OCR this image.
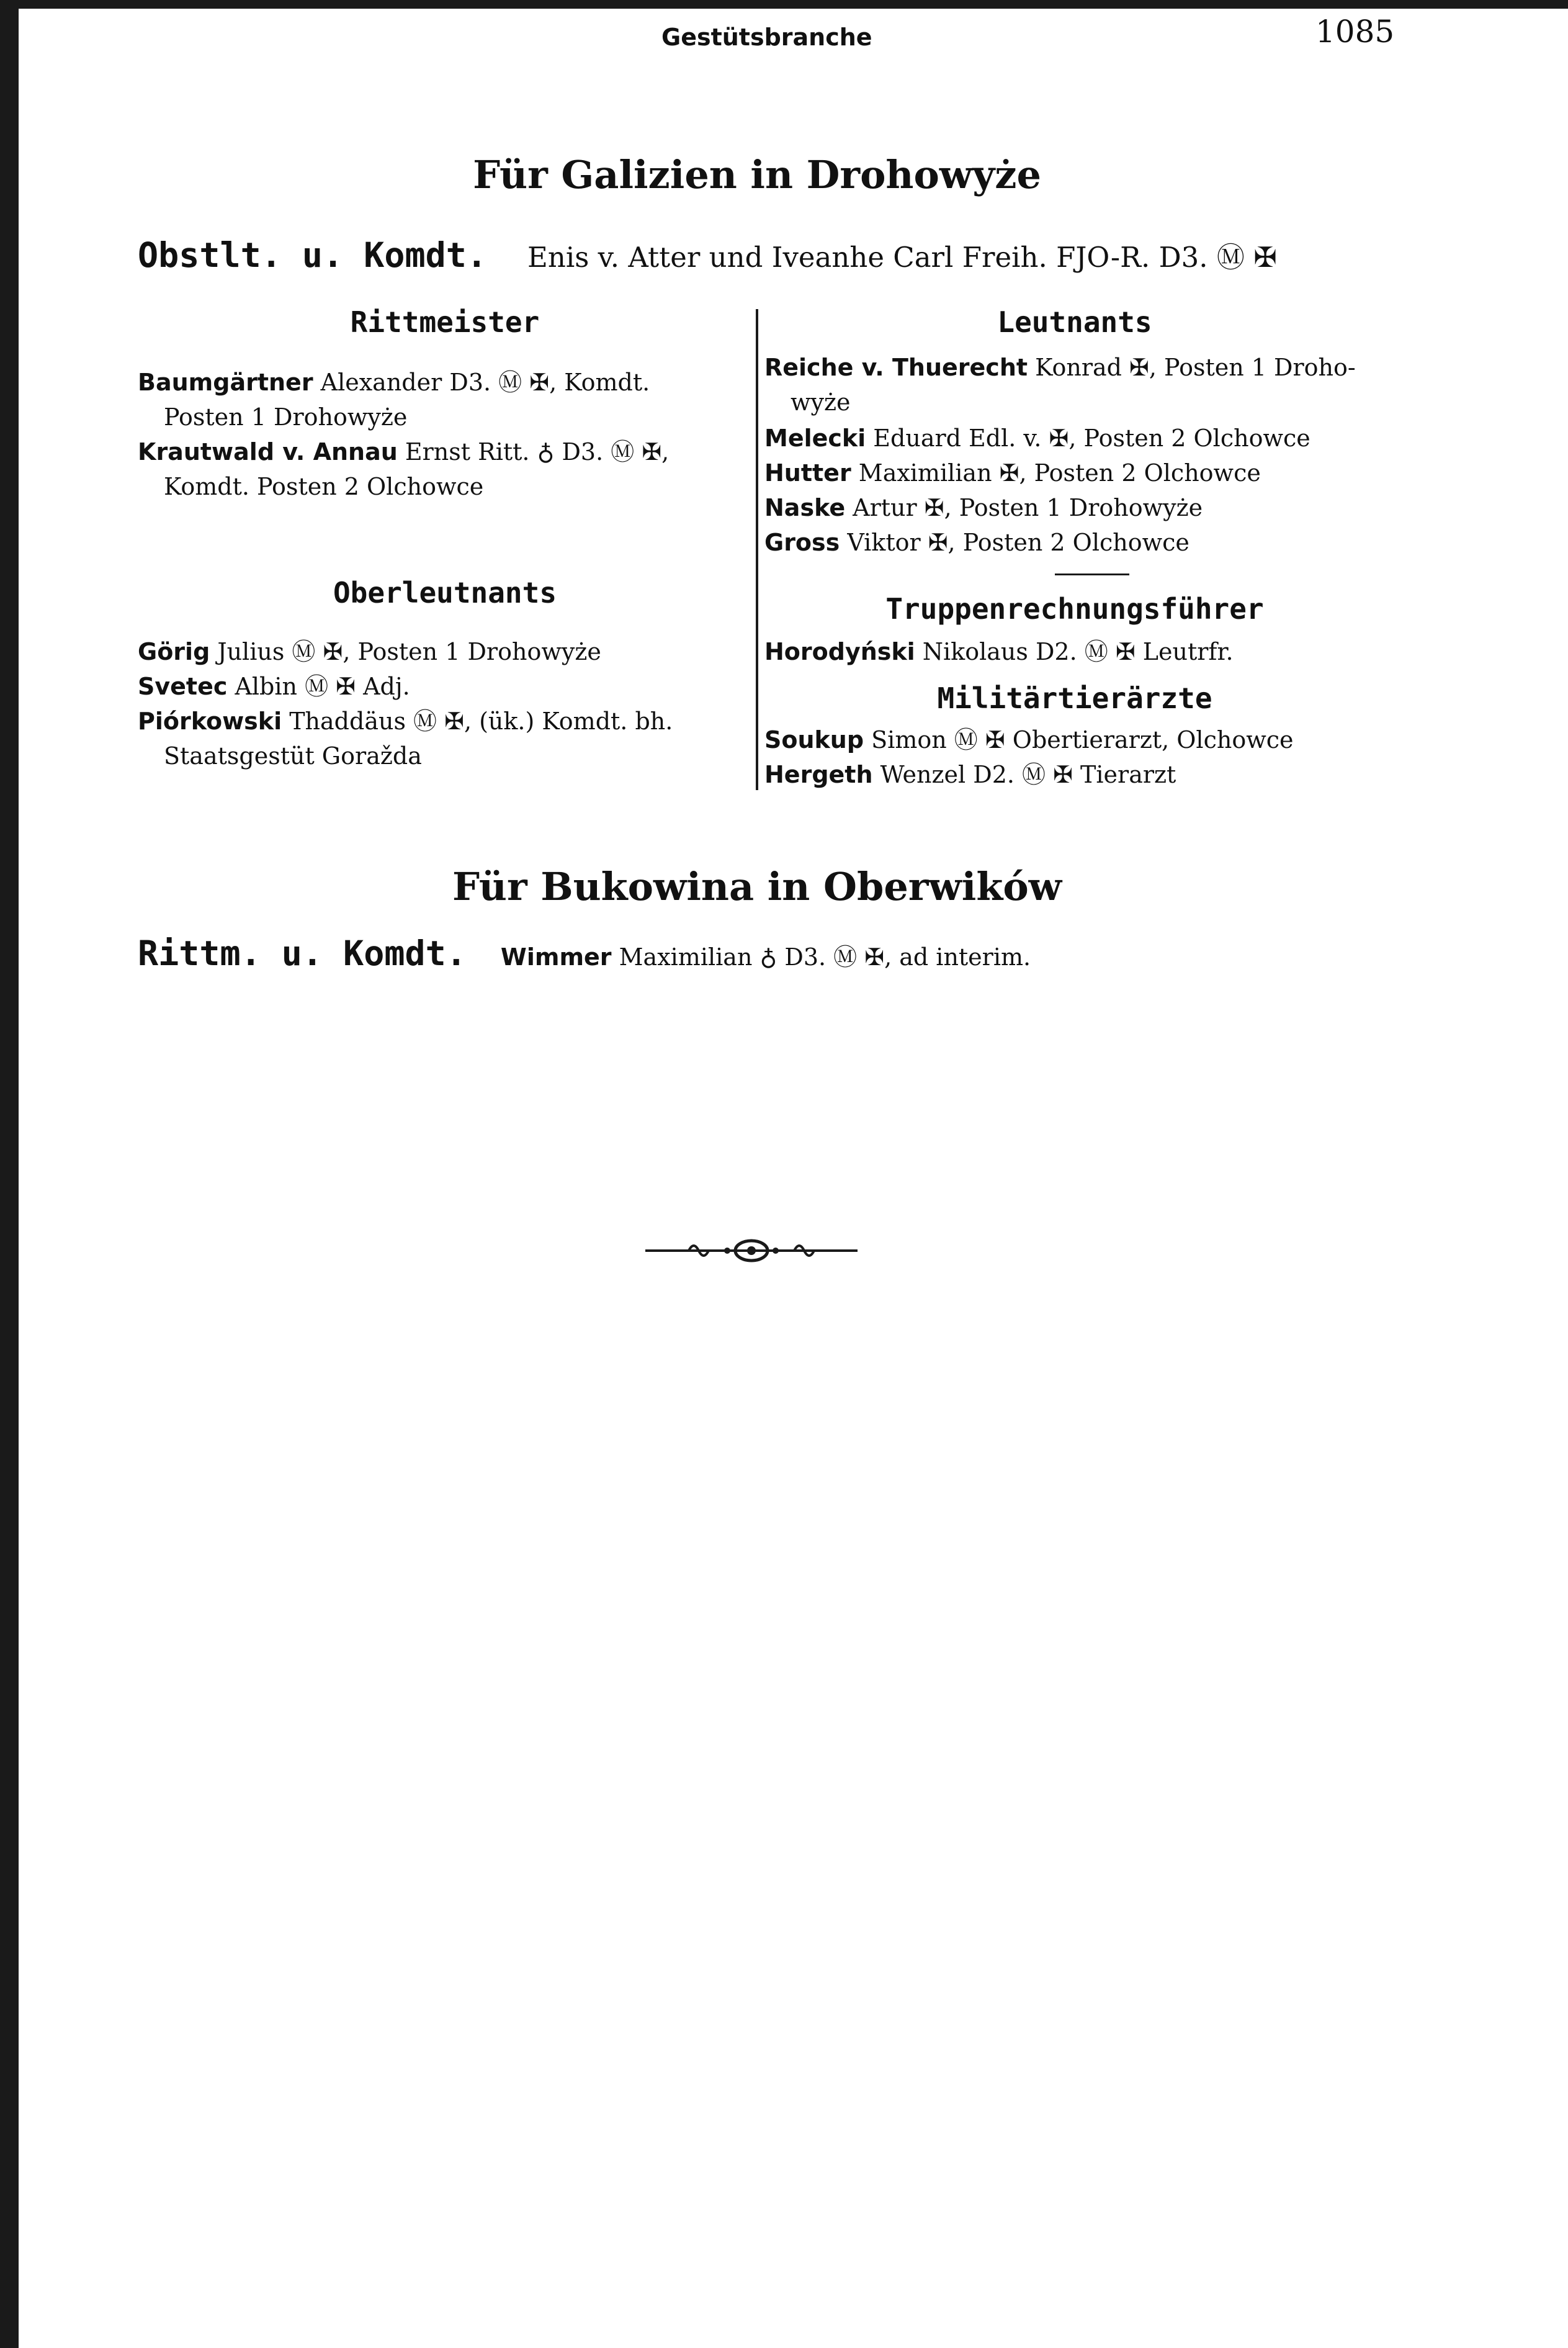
Gestütsbranche	1085
Für Galizien in Drohowyże
Obstlt. u. Komdt. Enis v. Atter und Iveanhe Carl Freih. FJO-R. D3. Ⓜ ✠
Rittmeister
Baumgärtner Alexander D3. Ⓜ ✠, Komdt.
Posten 1 Drohowyże
Krautwald v. Annau Ernst Ritt. ♁ D3. Ⓜ ✠,
Komdt. Posten 2 Olchowce
Oberleutnants
Görig Julius Ⓜ ✠, Posten 1 Drohowyże
Svetec Albin Ⓜ ✠ Adj.
Piórkowski Thaddäus Ⓜ ✠, (ük.) Komdt. bh.
Staatsgestüt Goražda
Leutnants
Reiche v. Thuerecht Konrad ✠, Posten 1 Droho-
wyże
Melecki Eduard Edl. v. ✠, Posten 2 Olchowce
Hutter Maximilian ✠, Posten 2 Olchowce
Naske Artur ✠, Posten 1 Drohowyże
Gross Viktor ✠, Posten 2 Olchowce
Truppenrechnungsführer
Horodyński Nikolaus D2. Ⓜ ✠ Leutrfr.
Militärtierärzte
Soukup Simon Ⓜ ✠ Obertierarzt, Olchowce
Hergeth Wenzel D2. Ⓜ ✠ Tierarzt
Für Bukowina in Oberwików
Rittm. u. Komdt. Wimmer Maximilian ♁ D3. Ⓜ ✠, ad interim.
